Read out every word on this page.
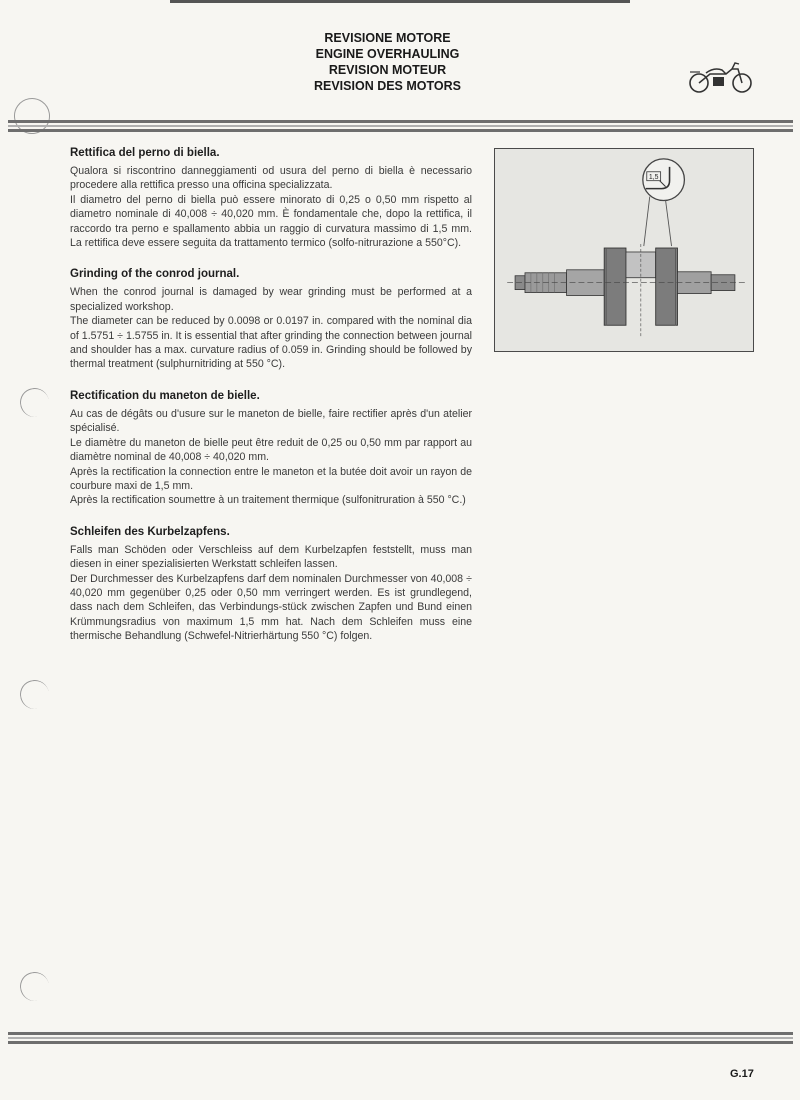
REVISIONE MOTORE
ENGINE OVERHAULING
REVISION MOTEUR
REVISION DES MOTORS
Rettifica del perno di biella.

Qualora si riscontrino danneggiamenti od usura del perno di biella è necessario procedere alla rettifica presso una officina specializzata.
Il diametro del perno di biella può essere minorato di 0,25 o 0,50 mm rispetto al diametro nominale di 40,008 ÷ 40,020 mm. È fondamentale che, dopo la rettifica, il raccordo tra perno e spallamento abbia un raggio di curvatura massimo di 1,5 mm. La rettifica deve essere seguita da trattamento termico (solfo-nitrurazione a 550°C).

Grinding of the conrod journal.

When the conrod journal is damaged by wear grinding must be performed at a specialized workshop.
The diameter can be reduced by 0.0098 or 0.0197 in. compared with the nominal dia of 1.5751 ÷ 1.5755 in. It is essential that after grinding the connection between journal and shoulder has a max. curvature radius of 0.059 in. Grinding should be followed by thermal treatment (sulphurnitriding at 550 °C).

Rectification du maneton de bielle.

Au cas de dégâts ou d'usure sur le maneton de bielle, faire rectifier après d'un atelier spécialisé.
Le diamètre du maneton de bielle peut être reduit de 0,25 ou 0,50 mm par rapport au diamètre nominal de 40,008 ÷ 40,020 mm.
Après la rectification la connection entre le maneton et la butée doit avoir un rayon de courbure maxi de 1,5 mm.
Après la rectification soumettre à un traitement thermique (sulfonitruration à 550 °C.)

Schleifen des Kurbelzapfens.

Falls man Schöden oder Verschleiss auf dem Kurbelzapfen feststellt, muss man diesen in einer spezialisierten Werkstatt schleifen lassen.
Der Durchmesser des Kurbelzapfens darf dem nominalen Durchmesser von 40,008 ÷ 40,020 mm gegenüber 0,25 oder 0,50 mm verringert werden. Es ist grundlegend, dass nach dem Schleifen, das Verbindungs-stück zwischen Zapfen und Bund einen Krümmungsradius von maximum 1,5 mm hat. Nach dem Schleifen muss eine thermische Behandlung (Schwefel-Nitrierhärtung 550 °C) folgen.

1,5
G.17
